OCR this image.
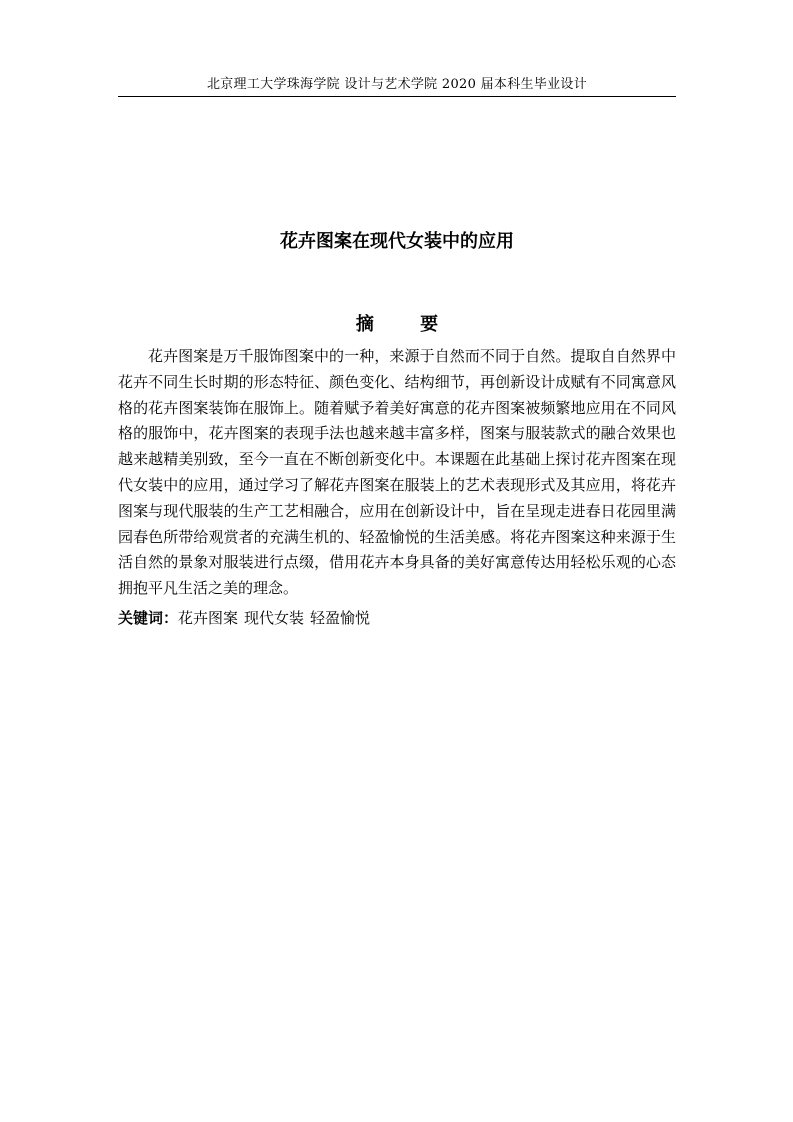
北京理工大学珠海学院 设计与艺术学院 2020 届本科生毕业设计
花卉图案在现代女装中的应用
摘 要

花卉图案是万千服饰图案中的一种，来源于自然而不同于自然。提取自自然界中花卉不同生长时期的形态特征、颜色变化、结构细节，再创新设计成赋有不同寓意风格的花卉图案装饰在服饰上。随着赋予着美好寓意的花卉图案被频繁地应用在不同风格的服饰中，花卉图案的表现手法也越来越丰富多样，图案与服装款式的融合效果也越来越精美别致，至今一直在不断创新变化中。本课题在此基础上探讨花卉图案在现代女装中的应用，通过学习了解花卉图案在服装上的艺术表现形式及其应用，将花卉图案与现代服装的生产工艺相融合，应用在创新设计中，旨在呈现走进春日花园里满园春色所带给观赏者的充满生机的、轻盈愉悦的生活美感。将花卉图案这种来源于生活自然的景象对服装进行点缀，借用花卉本身具备的美好寓意传达用轻松乐观的心态拥抱平凡生活之美的理念。

关键词：花卉图案 现代女装 轻盈愉悦
